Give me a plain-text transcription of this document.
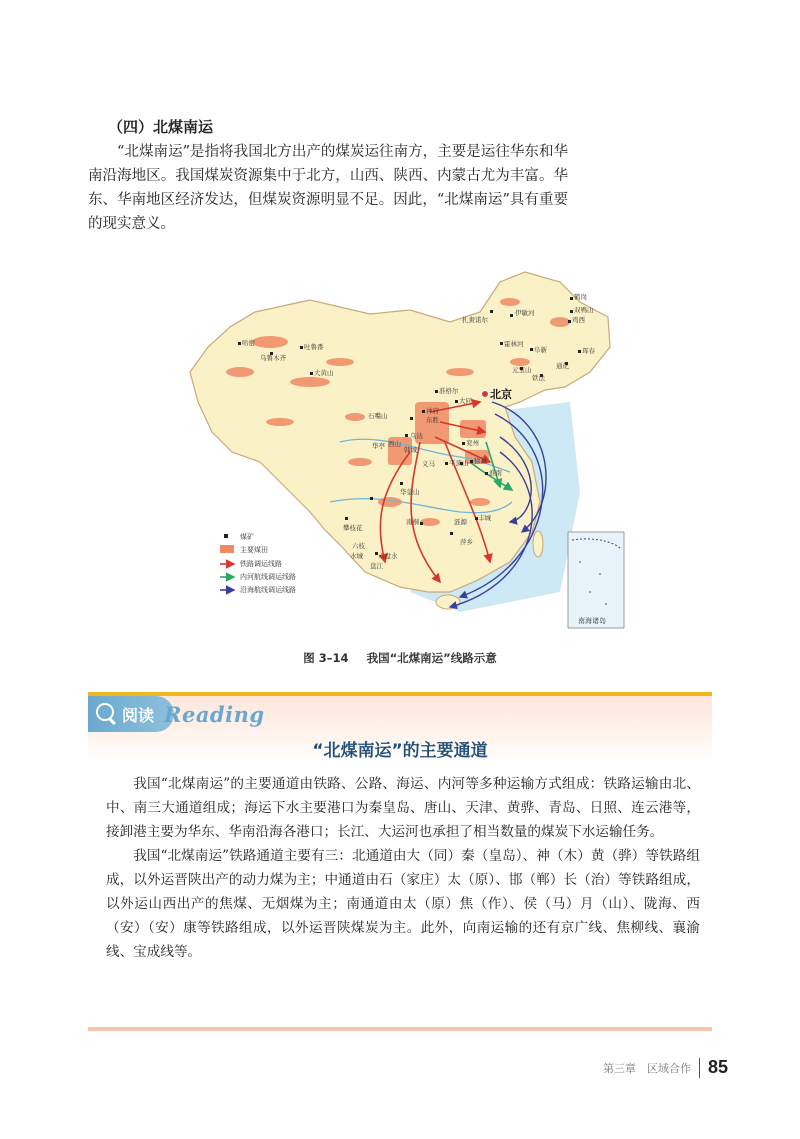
（四）北煤南运

“北煤南运”是指将我国北方出产的煤炭运往南方，主要是运往华东和华南沿海地区。我国煤炭资源集中于北方，山西、陕西、内蒙古尤为丰富。华东、华南地区经济发达，但煤炭资源明显不足。因此，“北煤南运”具有重要的现实意义。

北京
扎赉诺尔
伊敏河
鹤岗
双鸭山
鸡西
珲春
霍林河
阜新
元宝山
铁法
通化
哈密
乌鲁木齐
吐鲁番
大黄山
准格尔
大同
神府
东胜
石嘴山
乌达
兖州
徐州
淮南
平顶山
义马
华亭	韩城
西山
六枝
水城
盘江
华蓥山
南桐
攀枝花
涟源
萍乡
丰城
六盘水
煤矿
主要煤田
铁路调运线路
内河航线调运线路
沿海航线调运线路
南海诸岛
图 3–14 我国“北煤南运”线路示意
阅读 Reading
“北煤南运”的主要通道

我国“北煤南运”的主要通道由铁路、公路、海运、内河等多种运输方式组成：铁路运输由北、中、南三大通道组成；海运下水主要港口为秦皇岛、唐山、天津、黄骅、青岛、日照、连云港等，接卸港主要为华东、华南沿海各港口；长江、大运河也承担了相当数量的煤炭下水运输任务。

我国“北煤南运”铁路通道主要有三：北通道由大（同）秦（皇岛）、神（木）黄（骅）等铁路组成，以外运晋陕出产的动力煤为主；中通道由石（家庄）太（原）、邯（郸）长（治）等铁路组成，以外运山西出产的焦煤、无烟煤为主；南通道由太（原）焦（作）、侯（马）月（山）、陇海、西（安）（安）康等铁路组成，以外运晋陕煤炭为主。此外，向南运输的还有京广线、焦柳线、襄渝线、宝成线等。

第三章　区域合作 85
